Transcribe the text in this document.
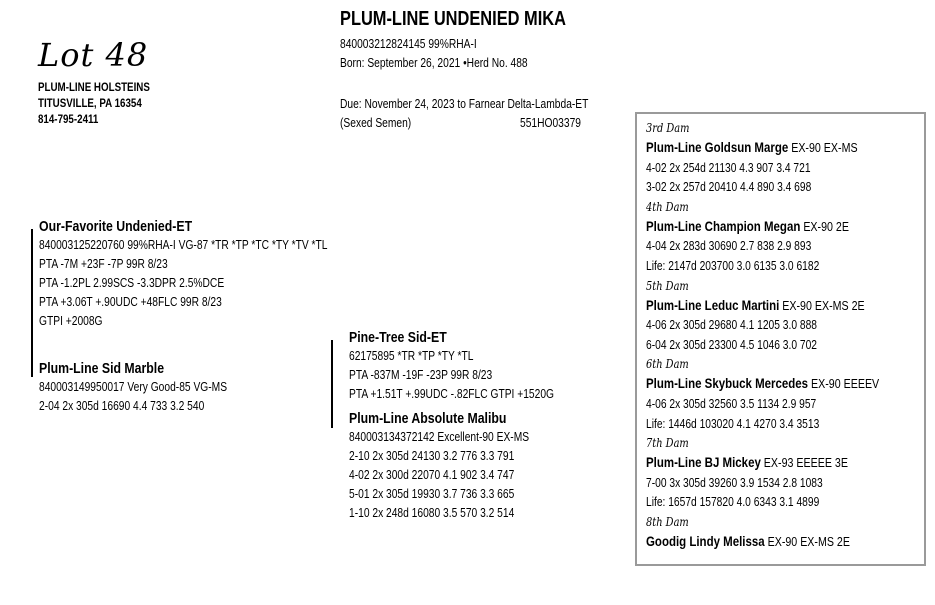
Lot 48
PLUM-LINE HOLSTEINS
TITUSVILLE, PA 16354
814-795-2411
PLUM-LINE UNDENIED MIKA
840003212824145 99%RHA-I
Born: September 26, 2021 •Herd No. 488
Due: November 24, 2023 to Farnear Delta-Lambda-ET
(Sexed Semen)	551HO03379
Our-Favorite Undenied-ET
840003125220760 99%RHA-I VG-87 *TR *TP *TC *TY *TV *TL
PTA -7M +23F -7P 99R 8/23
PTA -1.2PL 2.99SCS -3.3DPR 2.5%DCE
PTA +3.06T +.90UDC +48FLC 99R 8/23
GTPI +2008G
Plum-Line Sid Marble
840003149950017 Very Good-85 VG-MS
2-04 2x 305d 16690 4.4 733 3.2 540
Pine-Tree Sid-ET
62175895 *TR *TP *TY *TL
PTA -837M -19F -23P 99R 8/23
PTA +1.51T +.99UDC -.82FLC GTPI +1520G
Plum-Line Absolute Malibu
840003134372142 Excellent-90 EX-MS
2-10 2x 305d 24130 3.2 776 3.3 791
4-02 2x 300d 22070 4.1 902 3.4 747
5-01 2x 305d 19930 3.7 736 3.3 665
1-10 2x 248d 16080 3.5 570 3.2 514
3rd Dam
Plum-Line Goldsun Marge EX-90 EX-MS
4-02 2x 254d 21130 4.3 907 3.4 721
3-02 2x 257d 20410 4.4 890 3.4 698
4th Dam
Plum-Line Champion Megan EX-90 2E
4-04 2x 283d 30690 2.7 838 2.9 893
Life: 2147d 203700 3.0 6135 3.0 6182
5th Dam
Plum-Line Leduc Martini EX-90 EX-MS 2E
4-06 2x 305d 29680 4.1 1205 3.0 888
6-04 2x 305d 23300 4.5 1046 3.0 702
6th Dam
Plum-Line Skybuck Mercedes EX-90 EEEEV
4-06 2x 305d 32560 3.5 1134 2.9 957
Life: 1446d 103020 4.1 4270 3.4 3513
7th Dam
Plum-Line BJ Mickey EX-93 EEEEE 3E
7-00 3x 305d 39260 3.9 1534 2.8 1083
Life: 1657d 157820 4.0 6343 3.1 4899
8th Dam
Goodig Lindy Melissa EX-90 EX-MS 2E
